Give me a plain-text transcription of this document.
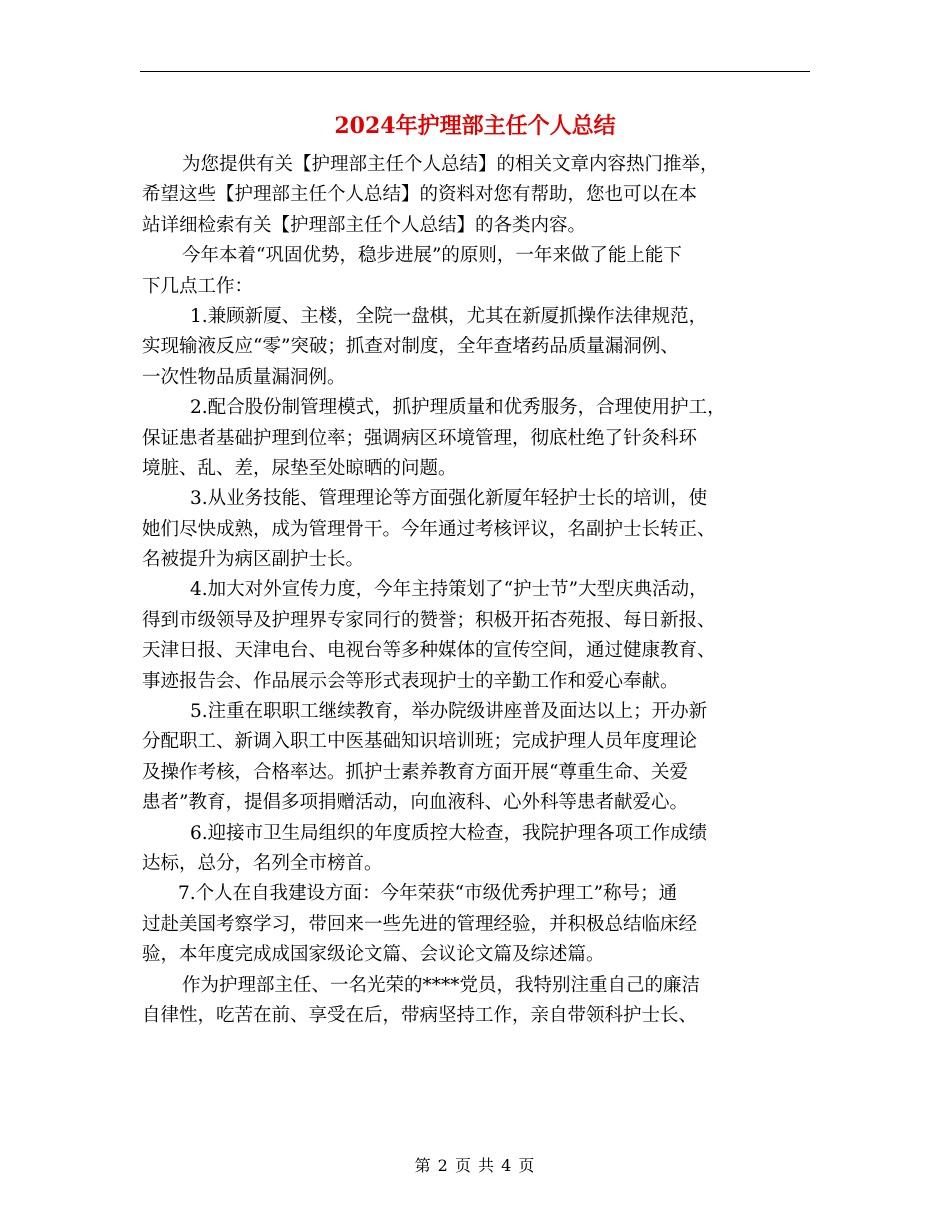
2024年护理部主任个人总结
为您提供有关【护理部主任个人总结】的相关文章内容热门推举，
希望这些【护理部主任个人总结】的资料对您有帮助，您也可以在本
站详细检索有关【护理部主任个人总结】的各类内容。
今年本着“巩固优势，稳步进展”的原则，一年来做了能上能下
下几点工作：
1.兼顾新厦、主楼，全院一盘棋，尤其在新厦抓操作法律规范，
实现输液反应“零”突破；抓查对制度，全年查堵药品质量漏洞例、
一次性物品质量漏洞例。
2.配合股份制管理模式，抓护理质量和优秀服务，合理使用护工，
保证患者基础护理到位率；强调病区环境管理，彻底杜绝了针灸科环
境脏、乱、差，尿垫至处晾晒的问题。
3.从业务技能、管理理论等方面强化新厦年轻护士长的培训，使
她们尽快成熟，成为管理骨干。今年通过考核评议，名副护士长转正、
名被提升为病区副护士长。
4.加大对外宣传力度，今年主持策划了“护士节”大型庆典活动，
得到市级领导及护理界专家同行的赞誉；积极开拓杏苑报、每日新报、
天津日报、天津电台、电视台等多种媒体的宣传空间，通过健康教育、
事迹报告会、作品展示会等形式表现护士的辛勤工作和爱心奉献。
5.注重在职职工继续教育，举办院级讲座普及面达以上；开办新
分配职工、新调入职工中医基础知识培训班；完成护理人员年度理论
及操作考核，合格率达。抓护士素养教育方面开展“尊重生命、关爱
患者”教育，提倡多项捐赠活动，向血液科、心外科等患者献爱心。
6.迎接市卫生局组织的年度质控大检查，我院护理各项工作成绩
达标，总分，名列全市榜首。
7.个人在自我建设方面：今年荣获“市级优秀护理工”称号；通
过赴美国考察学习，带回来一些先进的管理经验，并积极总结临床经
验，本年度完成成国家级论文篇、会议论文篇及综述篇。
作为护理部主任、一名光荣的****党员，我特别注重自己的廉洁
自律性，吃苦在前、享受在后，带病坚持工作，亲自带领科护士长、
第 2 页 共 4 页
